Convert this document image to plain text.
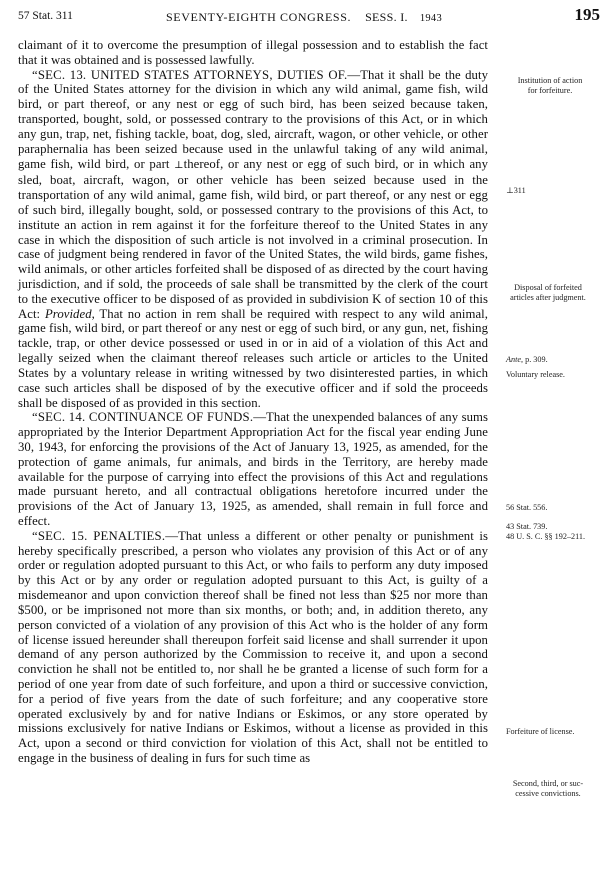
57 Stat. 311	SEVENTY-EIGHTH CONGRESS. SESS. I. 1943	195

claimant of it to overcome the presumption of illegal possession and to establish the fact that it was obtained and is possessed lawfully.

“SEC. 13. UNITED STATES ATTORNEYS, DUTIES OF.—That it shall be the duty of the United States attorney for the division in which any wild animal, game fish, wild bird, or part thereof, or any nest or egg of such bird, has been seized because taken, transported, bought, sold, or possessed contrary to the provisions of this Act, or in which any gun, trap, net, fishing tackle, boat, dog, sled, aircraft, wagon, or other vehicle, or other paraphernalia has been seized because used in the unlawful taking of any wild animal, game fish, wild bird, or part ⊥thereof, or any nest or egg of such bird, or in which any sled, boat, aircraft, wagon, or other vehicle has been seized because used in the transportation of any wild animal, game fish, wild bird, or part thereof, or any nest or egg of such bird, illegally bought, sold, or possessed contrary to the provisions of this Act, to institute an action in rem against it for the forfeiture thereof to the United States in any case in which the disposition of such article is not involved in a criminal prosecution. In case of judgment being rendered in favor of the United States, the wild birds, game fishes, wild animals, or other articles forfeited shall be disposed of as directed by the court having jurisdiction, and if sold, the proceeds of sale shall be transmitted by the clerk of the court to the executive officer to be disposed of as provided in subdivision K of section 10 of this Act: Provided, That no action in rem shall be required with respect to any wild animal, game fish, wild bird, or part thereof or any nest or egg of such bird, or any gun, net, fishing tackle, trap, or other device possessed or used in or in aid of a violation of this Act and legally seized when the claimant thereof releases such article or articles to the United States by a voluntary release in writing witnessed by two disinterested parties, in which case such articles shall be disposed of by the executive officer and if sold the proceeds shall be disposed of as provided in this section.

“SEC. 14. CONTINUANCE OF FUNDS.—That the unexpended balances of any sums appropriated by the Interior Department Appropriation Act for the fiscal year ending June 30, 1943, for enforcing the provisions of the Act of January 13, 1925, as amended, for the protection of game animals, fur animals, and birds in the Territory, are hereby made available for the purpose of carrying into effect the provisions of this Act and regulations made pursuant hereto, and all contractual obligations heretofore incurred under the provisions of the Act of January 13, 1925, as amended, shall remain in full force and effect.

“SEC. 15. PENALTIES.—That unless a different or other penalty or punishment is hereby specifically prescribed, a person who violates any provision of this Act or of any order or regulation adopted pursuant to this Act, or who fails to perform any duty imposed by this Act or by any order or regulation adopted pursuant to this Act, is guilty of a misdemeanor and upon conviction thereof shall be fined not less than $25 nor more than $500, or be imprisoned not more than six months, or both; and, in addition thereto, any person convicted of a violation of any provision of this Act who is the holder of any form of license issued hereunder shall thereupon forfeit said license and shall surrender it upon demand of any person authorized by the Commission to receive it, and upon a second conviction he shall not be entitled to, nor shall he be granted a license of such form for a period of one year from date of such forfeiture, and upon a third or successive conviction, for a period of five years from the date of such forfeiture; and any cooperative store operated exclusively by and for native Indians or Eskimos, or any store operated by missions exclusively for native Indians or Eskimos, without a license as provided in this Act, upon a second or third conviction for violation of this Act, shall not be entitled to engage in the business of dealing in furs for such time as

Institution of action
for forfeiture.
⊥311
Disposal of forfeited
articles after judgment.
Ante, p. 309.
Voluntary release.
56 Stat. 556.
43 Stat. 739.
48 U. S. C. §§ 192–211.
Forfeiture of license.
Second, third, or suc-
cessive convictions.
